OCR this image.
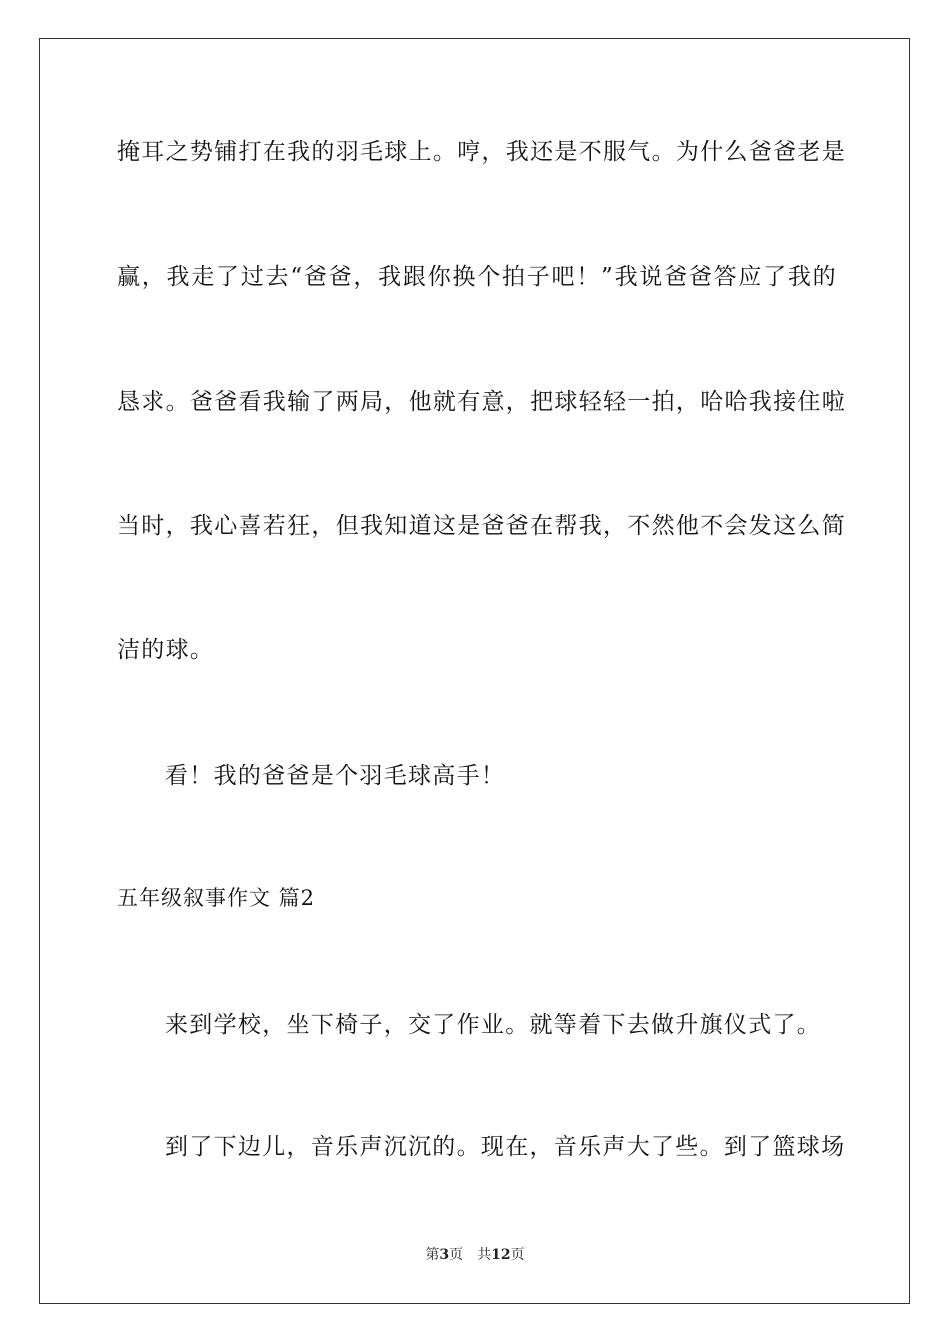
掩耳之势铺打在我的羽毛球上。哼，我还是不服气。为什么爸爸老是
赢，我走了过去“爸爸，我跟你换个拍子吧！”我说爸爸答应了我的
恳求。爸爸看我输了两局，他就有意，把球轻轻一拍，哈哈我接住啦
当时，我心喜若狂，但我知道这是爸爸在帮我，不然他不会发这么简
洁的球。
看！我的爸爸是个羽毛球高手！
五年级叙事作文 篇2
来到学校，坐下椅子，交了作业。就等着下去做升旗仪式了。
到了下边儿，音乐声沉沉的。现在，音乐声大了些。到了篮球场
第3页 共12页
